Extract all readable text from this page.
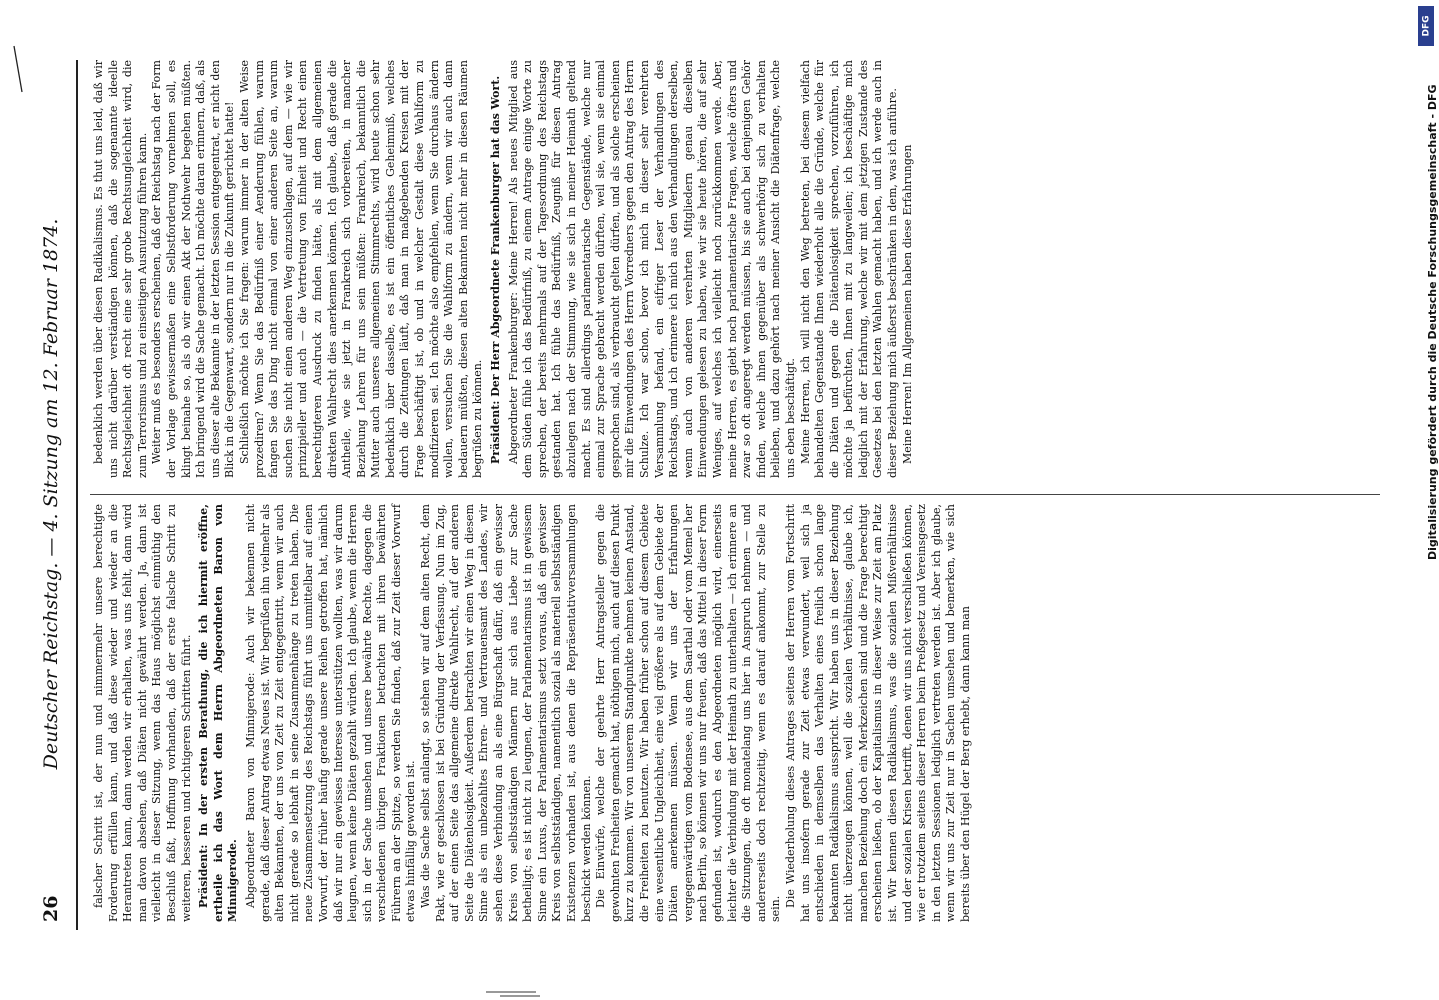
26
Deutscher Reichstag. — 4. Sitzung am 12. Februar 1874.	falscher Schritt ist, der nun und nimmermehr unsere berechtigte Forderung erfüllen kann, und daß diese wieder und wieder an die Herantreten kann, dann werden wir erhalten, was uns fehlt, dann wird man davon absehen, daß Diäten nicht gewährt werden. Ja, dann ist vielleicht in dieser Sitzung, wenn das Haus möglichst einmüthig den Beschluß faßt, Hoffnung vorhanden, daß der erste falsche Schritt zu weiteren, besseren und richtigeren Schritten führt. Präsident: In der ersten Berathung, die ich hiermit eröffne, ertheile ich das Wort dem Herrn Abgeordneten Baron von Minnigerode. Abgeordneter Baron von Minnigerode: Auch wir bekennen nicht gerade, daß dieser Antrag etwas Neues ist. Wir begrüßen ihn vielmehr als alten Bekannten, der uns von Zeit zu Zeit entgegentritt, wenn wir auch nicht gerade so lebhaft in seine Zusammenhänge zu treten haben. Die neue Zusammensetzung des Reichstags führt uns unmittelbar auf einen Vorwurf, der früher häufig gerade unsere Reihen getroffen hat, nämlich daß wir nur ein gewisses Interesse unterstützen wollten, was wir darum leugnen, wenn keine Diäten gezahlt würden. Ich glaube, wenn die Herren sich in der Sache umsehen und unsere bewährte Rechte, dagegen die verschiedenen übrigen Fraktionen betrachten mit ihren bewährten Führern an der Spitze, so werden Sie finden, daß zur Zeit dieser Vorwurf etwas hinfällig geworden ist. Was die Sache selbst anlangt, so stehen wir auf dem alten Recht, dem Pakt, wie er geschlossen ist bei Gründung der Verfassung. Nun im Zug, auf der einen Seite das allgemeine direkte Wahlrecht, auf der anderen Seite die Diätenlosigkeit. Außerdem betrachten wir einen Weg in diesem Sinne als ein unbezahltes Ehren- und Vertrauensamt des Landes, wir sehen diese Verbindung an als eine Bürgschaft dafür, daß ein gewisser Kreis von selbstständigen Männern nur sich aus Liebe zur Sache betheiligt; es ist nicht zu leugnen, der Parlamentarismus ist in gewissem Sinne ein Luxus, der Parlamentarismus setzt voraus, daß ein gewisser Kreis von selbstständigen, namentlich sozial als materiell selbstständigen Existenzen vorhanden ist, aus denen die Repräsentativversammlungen beschickt werden können. Die Einwürfe, welche der geehrte Herr Antragsteller gegen die gewohnten Freiheiten gemacht hat, nöthigen mich, auch auf diesen Punkt kurz zu kommen. Wir von unserem Standpunkte nehmen keinen Anstand, die Freiheiten zu benutzen. Wir haben früher schon auf diesem Gebiete eine wesentliche Ungleichheit, eine viel größere als auf dem Gebiete der Diäten anerkennen müssen. Wenn wir uns der Erfahrungen vergegenwärtigen vom Bodensee, aus dem Saarthal oder vom Memel her nach Berlin, so können wir uns nur freuen, daß das Mittel in dieser Form gefunden ist, wodurch es den Abgeordneten möglich wird, einerseits leichter die Verbindung mit der Heimath zu unterhalten — ich erinnere an die Sitzungen, die oft monatelang uns hier in Anspruch nehmen — und andererseits doch rechtzeitig, wenn es darauf ankommt, zur Stelle zu sein.

Die Wiederholung dieses Antrages seitens der Herren vom Fortschritt hat uns insofern gerade zur Zeit etwas verwundert, weil sich ja entschieden in demselben das Verhalten eines freilich schon lange bekannten Radikalismus ausspricht. Wir haben uns in dieser Beziehung nicht überzeugen können, weil die sozialen Verhältnisse, glaube ich, manchen Beziehung doch ein Merkzeichen sind und die Frage berechtigt erscheinen ließen, ob der Kapitalismus in dieser Weise zur Zeit am Platz ist. Wir kennen diesen Radikalismus, was die sozialen Mißverhältnisse und der sozialen Krisen betrifft, denen wir uns nicht verschließen können, wie er trotzdem seitens dieser Herren beim Preßgesetz und Vereinsgesetz in den letzten Sessionen lediglich vertreten werden ist. Aber ich glaube, wenn wir uns zur Zeit nur in Sachen umsehen und bemerken, wie sich bereits über den Hügel der Berg erhebt, dann kann man

bedenklich werden über diesen Radikalismus. Es thut uns leid, daß wir uns nicht darüber verständigen können, daß die sogenannte ideelle Rechtsgleichheit oft recht eine sehr grobe Rechtsungleichheit wird, die zum Terrorismus und zu einseitigen Ausnutzung führen kann. Weiter muß es besonders erscheinen, daß der Reichstag nach der Form der Vorlage gewissermaßen eine Selbstforderung vornehmen soll, es klingt beinahe so, als ob wir einen Akt der Nothwehr begehen müßten. Ich bringend wird die Sache gemacht. Ich möchte daran erinnern, daß, als uns dieser alte Bekannte in der letzten Session entgegentrat, er nicht den Blick in die Gegenwart, sondern nur in die Zukunft gerichtet hatte! Schließlich möchte ich Sie fragen: warum immer in der alten Weise prozediren? Wenn Sie das Bedürfniß einer Aenderung fühlen, warum fangen Sie das Ding nicht einmal von einer anderen Seite an, warum suchen Sie nicht einen anderen Weg einzuschlagen, auf dem — wie wir prinzipieller und auch — die Vertretung von Einheit und Recht einen berechtigteren Ausdruck zu finden hätte, als mit dem allgemeinen direkten Wahlrecht dies anerkennen können. Ich glaube, daß gerade die Antheile, wie sie jetzt in Frankreich sich vorbereiten, in mancher Beziehung Lehren für uns sein müßten: Frankreich, bekanntlich die Mutter auch unseres allgemeinen Stimmrechts, wird heute schon sehr bedenklich über dasselbe, es ist ein öffentliches Geheimniß, welches durch die Zeitungen läuft, daß man in maßgebenden Kreisen mit der Frage beschäftigt ist, ob und in welcher Gestalt diese Wahlform zu modifizieren sei. Ich möchte also empfehlen, wenn Sie durchaus ändern wollen, versuchen Sie die Wahlform zu ändern, wenn wir auch dann bedauern müßten, diesen alten Bekannten nicht mehr in diesen Räumen begrüßen zu können. Präsident: Der Herr Abgeordnete Frankenburger hat das Wort. Abgeordneter Frankenburger: Meine Herren! Als neues Mitglied aus dem Süden fühle ich das Bedürfniß, zu einem Antrage einige Worte zu sprechen, der bereits mehrmals auf der Tagesordnung des Reichstags gestanden hat. Ich fühle das Bedürfniß, Zeugniß für diesen Antrag abzulegen nach der Stimmung, wie sie sich in meiner Heimath geltend macht. Es sind allerdings parlamentarische Gegenstände, welche nur einmal zur Sprache gebracht werden dürften, weil sie, wenn sie einmal gesprochen sind, als verbraucht gelten dürfen, und als solche erscheinen mir die Einwendungen des Herrn Vorredners gegen den Antrag des Herrn Schulze. Ich war schon, bevor ich mich in dieser sehr verehrten Versammlung befand, ein eifriger Leser der Verhandlungen des Reichstags, und ich erinnere ich mich aus den Verhandlungen derselben, wenn auch von anderen verehrten Mitgliedern genau dieselben Einwendungen gelesen zu haben, wie wir sie heute hören, die auf sehr Weniges, auf welches ich vielleicht noch zurückkommen werde. Aber, meine Herren, es giebt noch parlamentarische Fragen, welche öfters und zwar so oft angeregt werden müssen, bis sie auch bei denjenigen Gehör finden, welche ihnen gegenüber als schwerhörig sich zu verhalten belieben, und dazu gehört nach meiner Ansicht die Diätenfrage, welche uns eben beschäftigt. Meine Herren, ich will nicht den Weg betreten, bei diesem vielfach behandelten Gegenstande Ihnen wiederholt alle die Gründe, welche für die Diäten und gegen die Diätenlosigkeit sprechen, vorzuführen, ich möchte ja befürchten, Ihnen mit zu langweilen; ich beschäftige mich lediglich mit der Erfahrung, welche wir mit dem jetzigen Zustande des Gesetzes bei den letzten Wahlen gemacht haben, und ich werde auch in dieser Beziehung mich äußerst beschränken in dem, was ich anführe. Meine Herren! Im Allgemeinen haben diese Erfahrungen

DFG
Digitalisierung gefördert durch die Deutsche Forschungsgemeinschaft - DFG
